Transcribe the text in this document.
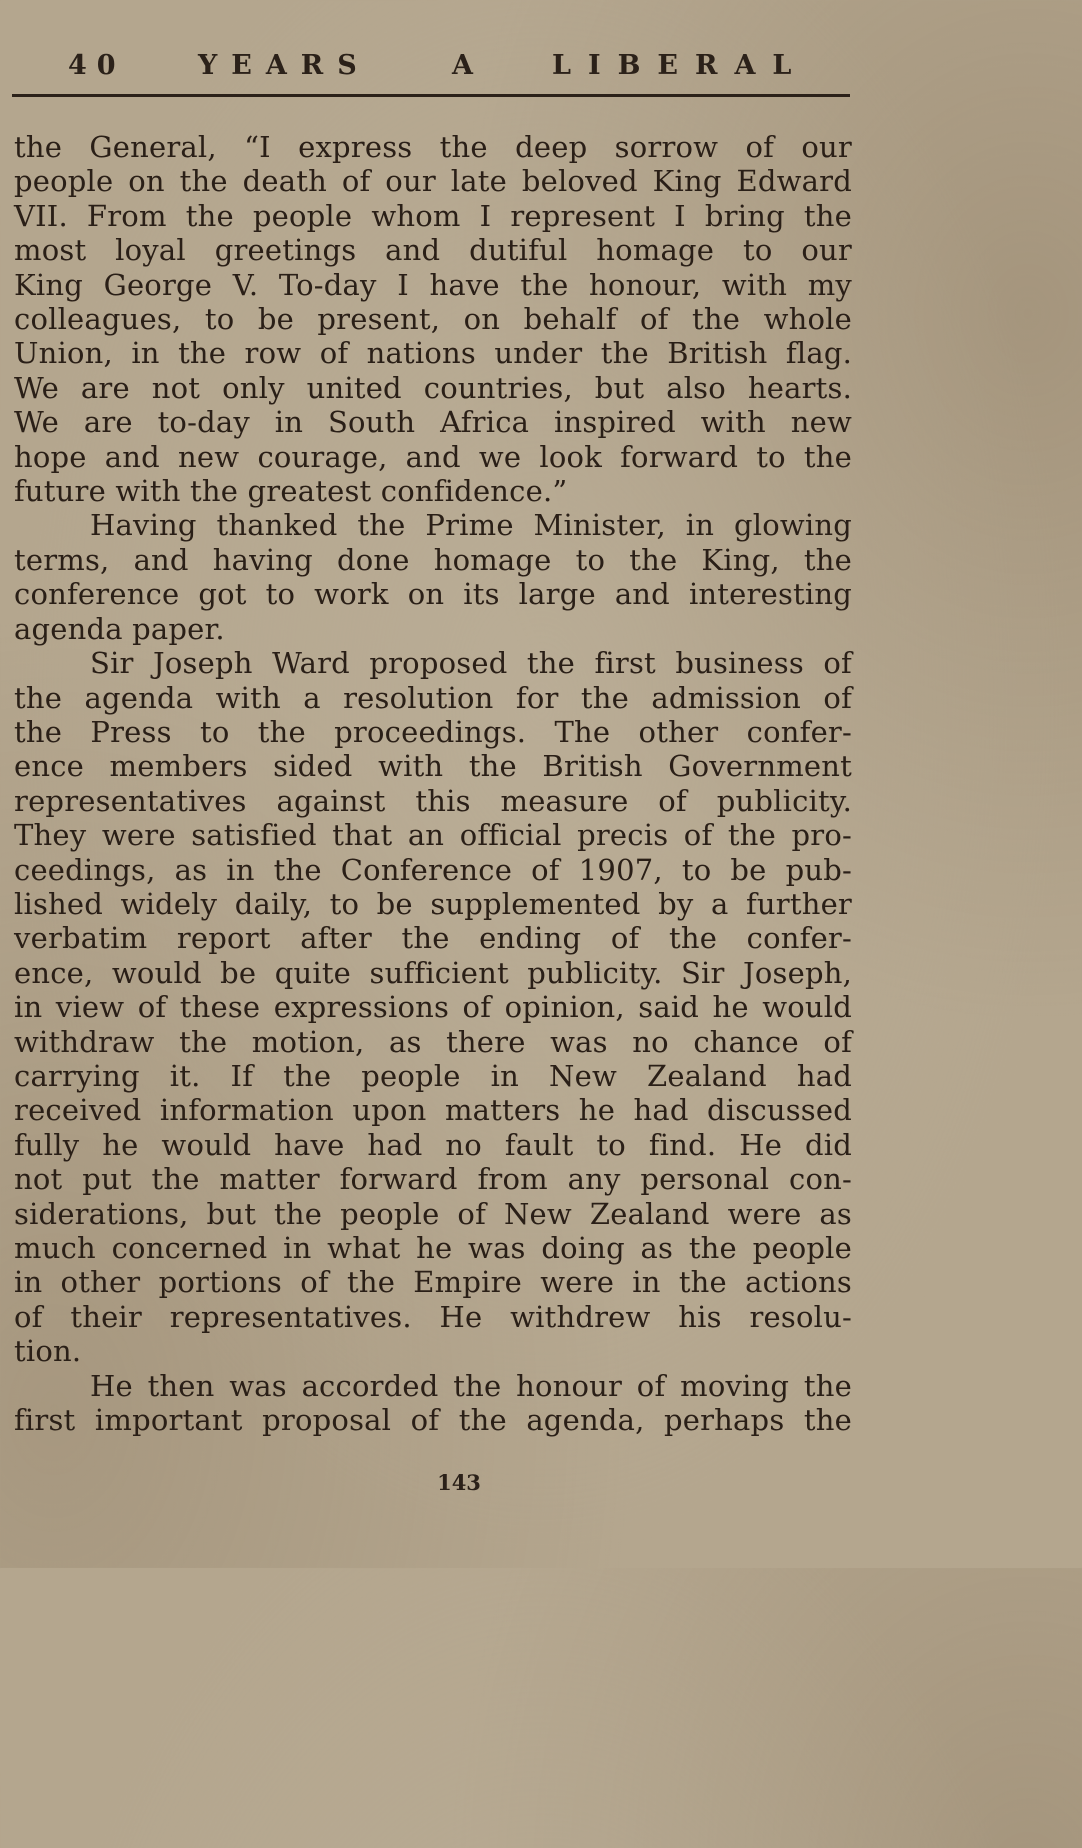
40	YEARS	A	LIBERAL
the General, “I express the deep sorrow of our
people on the death of our late beloved King Edward
VII. From the people whom I represent I bring the
most loyal greetings and dutiful homage to our
King George V. To-day I have the honour, with my
colleagues, to be present, on behalf of the whole
Union, in the row of nations under the British flag.
We are not only united countries, but also hearts.
We are to-day in South Africa inspired with new
hope and new courage, and we look forward to the
future with the greatest confidence.”
Having thanked the Prime Minister, in glowing
terms, and having done homage to the King, the
conference got to work on its large and interesting
agenda paper.
Sir Joseph Ward proposed the first business of
the agenda with a resolution for the admission of
the Press to the proceedings. The other confer-
ence members sided with the British Government
representatives against this measure of publicity.
They were satisfied that an official precis of the pro-
ceedings, as in the Conference of 1907, to be pub-
lished widely daily, to be supplemented by a further
verbatim report after the ending of the confer-
ence, would be quite sufficient publicity. Sir Joseph,
in view of these expressions of opinion, said he would
withdraw the motion, as there was no chance of
carrying it. If the people in New Zealand had
received information upon matters he had discussed
fully he would have had no fault to find. He did
not put the matter forward from any personal con-
siderations, but the people of New Zealand were as
much concerned in what he was doing as the people
in other portions of the Empire were in the actions
of their representatives. He withdrew his resolu-
tion.
He then was accorded the honour of moving the
first important proposal of the agenda, perhaps the
143
